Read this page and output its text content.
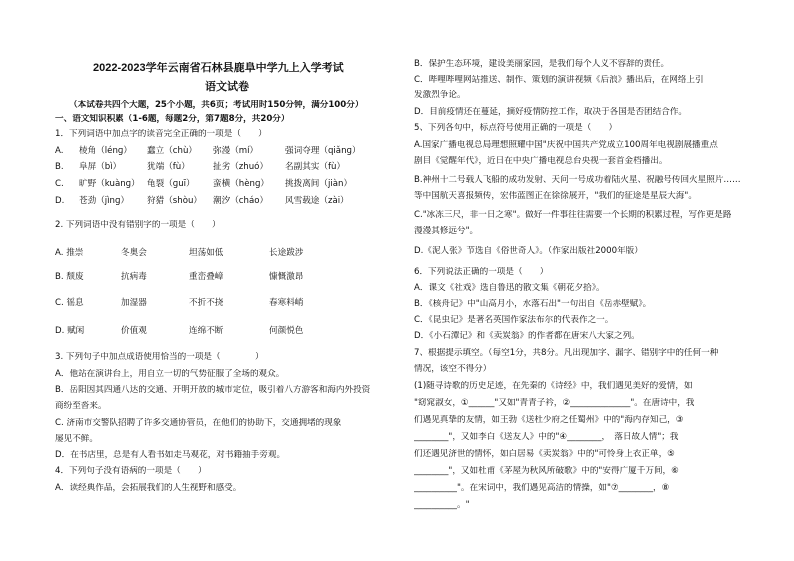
2022-2023学年云南省石林县鹿阜中学九上入学考试
语文试卷
（本试卷共四个大题，25个小题，共6页；考试用时150分钟，满分100分）
一、语文知识积累（1-6题，每题2分，第7题8分，共20分）
1．下列词语中加点字的读音完全正确的一项是（　　）
A. 棱角（lénɡ） 蠢立（chù） 弥漫（mí）	强词夺理（qiǎnɡ）
B. 阜屏（bì）	犹端（fù）	扯劣（zhuó） 名副其实（fù）
C. 旷野（kuànɡ） 龟裂（ɡuī） 蛮横（hènɡ） 挑拨离间（jiàn）
D. 苍劲（jìnɡ） 狩猎（shòu） 潮汐（cháo） 风雪载途（zài）
2. 下列词语中没有错别字的一项是（　　）
A. 推崇	冬奥会	坦荡如低	长途跋涉
B. 颓废	抗病毒	重峦叠嶂	慷慨激昂
C. 徭息	加湿器	不折不挠	春寒料峭
D. 赋闲	价值观	连绵不断	何颜悦色
3. 下列句子中加点成语使用恰当的一项是（　　　　）
A．他站在演讲台上，用自立一切的气势征服了全场的观众。
B．岳阳因其四通八达的交通、开明开放的城市定位，吸引着八方游客和海内外投资
商纷至沓来。
C. 济南市交警队招聘了许多交通协管员，在他们的协助下，交通拥堵的现象
屡见不鲜。
D．在书店里，总是有人看书如走马观花，对书籍抽手旁观。
4．下列句子没有语病的一项是（　　）
A．读经典作品，会拓展我们的人生视野和感受。
B．保护生态环境，建设美丽家园，是我们每个人义不容辞的责任。
C．哔哩哔哩网站推送、制作、策划的演讲视频《后浪》播出后，在网络上引
发激烈争论。
D．目前疫情还在蔓延，摘好疫情防控工作，取决于各国是否团结合作。
5、下列各句中，标点符号使用正确的一项是（　　）
A.国家广播电视总局理想照耀中国"庆祝中国共产党成立100周年电视剧展播重点
剧目《觉醒年代》，近日在中央广播电视总台央视一套首金档播出。
B.神州十二号载人飞船的成功发射、天问一号成功着陆火星、祝融号传回火星照片……
等中国航天喜报频传，宏伟蓝图正在徐徐展开，"我们的征途是星辰大海"。
C."冰冻三尺，非一日之寒"。做好一件事往往需要一个长期的积累过程，写作更是路
漫漫其修远兮"。
D.《泥人张》节选自《俗世奇人》。（作家出版社2000年版）
6．下列说法正确的一项是（　　）
A．课文《社戏》选自鲁迅的散文集《朝花夕拾》。
B．《核舟记》中"山高月小，水落石出"一句出自《岳赤壁赋》。
C．《昆虫记》是著名英国作家法布尔的代表作之一。
D．《小石潭记》和《卖炭翁》的作者都在唐宋八大家之列。
7、根据提示填空。（每空1分，共8分。凡出现加字、漏字、错别字中的任何一种
情况，该空不得分）
(1)随寻诗歌的历史足迹，在先秦的《诗经》中，我们遇见美好的爱情，如
"窈窕淑女，①______"又如"青青子衿，②______________"。在唐诗中，我
们遇见真挚的友情，如王勃《送杜少府之任蜀州》中的"海内存知己，③
________"，又如李白《送友人》中的"④________，　落日故人情"；我
们还遇见济世的情怀，如白居易《卖炭翁》中的"可怜身上衣正单，⑤
________"，又如杜甫《茅屋为秋风所破歌》中的"安得广厦千万间，⑥
__________"。在宋词中，我们遇见高洁的情操，如"⑦________，⑧
__________。"
